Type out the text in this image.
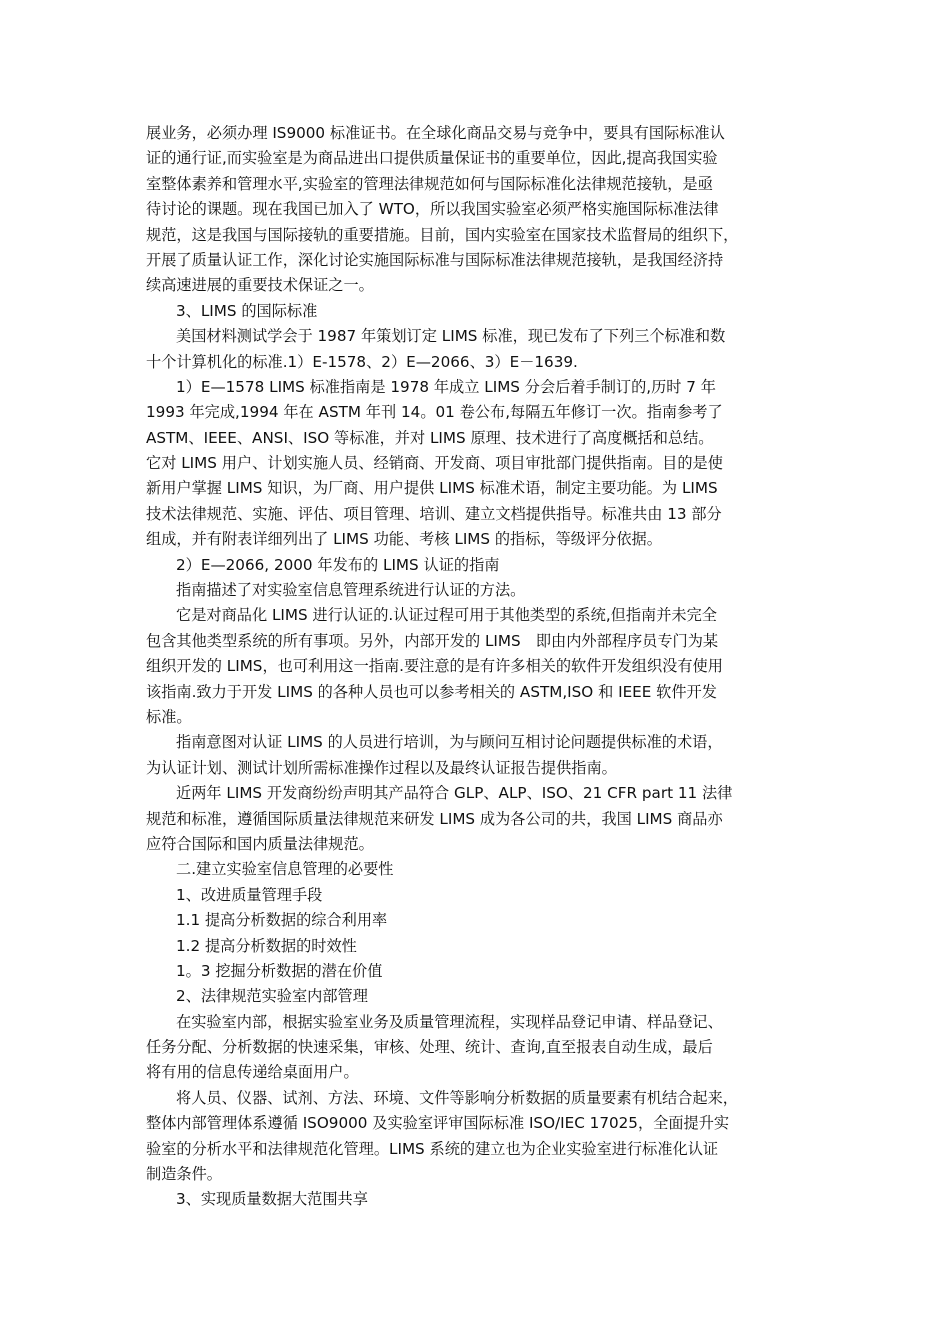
展业务，必须办理 IS9000 标准证书。在全球化商品交易与竞争中，要具有国际标准认
证的通行证,而实验室是为商品进出口提供质量保证书的重要单位，因此,提高我国实验
室整体素养和管理水平,实验室的管理法律规范如何与国际标准化法律规范接轨，是亟
待讨论的课题。现在我国已加入了 WTO，所以我国实验室必须严格实施国际标准法律
规范，这是我国与国际接轨的重要措施。目前，国内实验室在国家技术监督局的组织下，
开展了质量认证工作，深化讨论实施国际标准与国际标准法律规范接轨，是我国经济持
续高速进展的重要技术保证之一。
3、LIMS 的国际标准
美国材料测试学会于 1987 年策划订定 LIMS 标准，现已发布了下列三个标准和数
十个计算机化的标准.1）E-1578、2）E—2066、3）E－1639.
1）E—1578 LIMS 标准指南是 1978 年成立 LIMS 分会后着手制订的,历时 7 年
1993 年完成,1994 年在 ASTM 年刊 14。01 卷公布,每隔五年修订一次。指南参考了
ASTM、IEEE、ANSI、ISO 等标准，并对 LIMS 原理、技术进行了高度概括和总结。
它对 LIMS 用户、计划实施人员、经销商、开发商、项目审批部门提供指南。目的是使
新用户掌握 LIMS 知识，为厂商、用户提供 LIMS 标准术语，制定主要功能。为 LIMS
技术法律规范、实施、评估、项目管理、培训、建立文档提供指导。标准共由 13 部分
组成，并有附表详细列出了 LIMS 功能、考核 LIMS 的指标，等级评分依据。
2）E—2066, 2000 年发布的 LIMS 认证的指南
指南描述了对实验室信息管理系统进行认证的方法。
它是对商品化 LIMS 进行认证的.认证过程可用于其他类型的系统,但指南并未完全
包含其他类型系统的所有事项。另外，内部开发的 LIMS　即由内外部程序员专门为某
组织开发的 LIMS，也可利用这一指南.要注意的是有许多相关的软件开发组织没有使用
该指南.致力于开发 LIMS 的各种人员也可以参考相关的 ASTM,ISO 和 IEEE 软件开发
标准。
指南意图对认证 LIMS 的人员进行培训，为与顾问互相讨论问题提供标准的术语，
为认证计划、测试计划所需标准操作过程以及最终认证报告提供指南。
近两年 LIMS 开发商纷纷声明其产品符合 GLP、ALP、ISO、21 CFR part 11 法律
规范和标准，遵循国际质量法律规范来研发 LIMS 成为各公司的共，我国 LIMS 商品亦
应符合国际和国内质量法律规范。
二.建立实验室信息管理的必要性
1、改进质量管理手段
1.1 提高分析数据的综合利用率
1.2 提高分析数据的时效性
1。3 挖掘分析数据的潜在价值
2、法律规范实验室内部管理
在实验室内部，根据实验室业务及质量管理流程，实现样品登记申请、样品登记、
任务分配、分析数据的快速采集，审核、处理、统计、查询,直至报表自动生成，最后
将有用的信息传递给桌面用户。
将人员、仪器、试剂、方法、环境、文件等影响分析数据的质量要素有机结合起来，
整体内部管理体系遵循 ISO9000 及实验室评审国际标准 ISO/IEC 17025，全面提升实
验室的分析水平和法律规范化管理。LIMS 系统的建立也为企业实验室进行标准化认证
制造条件。
3、实现质量数据大范围共享
